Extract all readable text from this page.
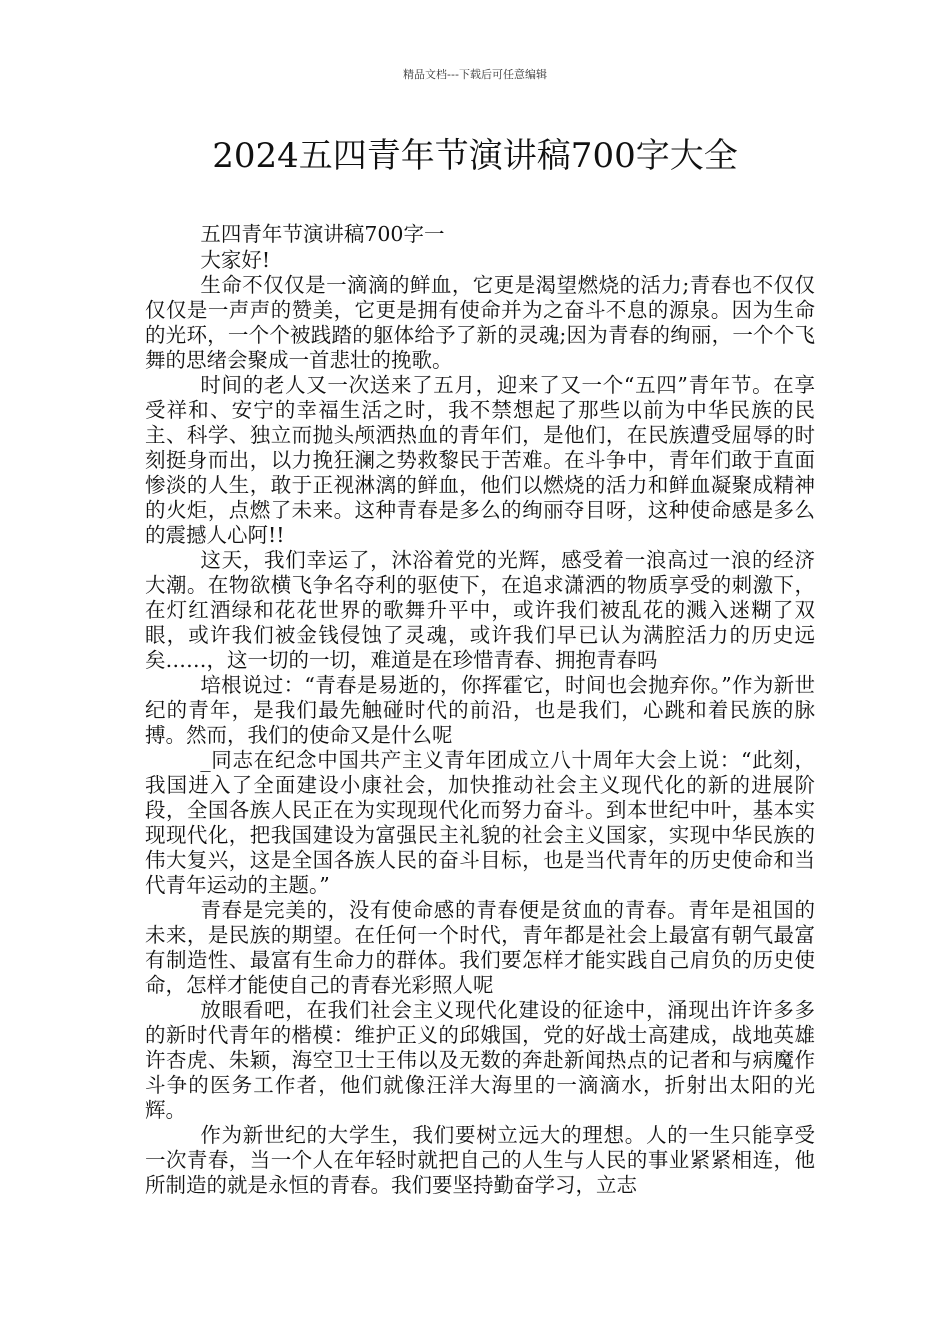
精品文档---下载后可任意编辑
2024五四青年节演讲稿700字大全

五四青年节演讲稿700字一

大家好!

生命不仅仅是一滴滴的鲜血，它更是渴望燃烧的活力;青春也不仅仅仅仅是一声声的赞美，它更是拥有使命并为之奋斗不息的源泉。因为生命的光环，一个个被践踏的躯体给予了新的灵魂;因为青春的绚丽，一个个飞舞的思绪会聚成一首悲壮的挽歌。

时间的老人又一次送来了五月，迎来了又一个“五四”青年节。在享受祥和、安宁的幸福生活之时，我不禁想起了那些以前为中华民族的民主、科学、独立而抛头颅洒热血的青年们，是他们，在民族遭受屈辱的时刻挺身而出，以力挽狂澜之势救黎民于苦难。在斗争中，青年们敢于直面惨淡的人生，敢于正视淋漓的鲜血，他们以燃烧的活力和鲜血凝聚成精神的火炬，点燃了未来。这种青春是多么的绚丽夺目呀，这种使命感是多么的震撼人心阿!!

这天，我们幸运了，沐浴着党的光辉，感受着一浪高过一浪的经济大潮。在物欲横飞争名夺利的驱使下，在追求潇洒的物质享受的刺激下，在灯红酒绿和花花世界的歌舞升平中，或许我们被乱花的溅入迷糊了双眼，或许我们被金钱侵蚀了灵魂，或许我们早已认为满腔活力的历史远矣……，这一切的一切，难道是在珍惜青春、拥抱青春吗

培根说过：“青春是易逝的，你挥霍它，时间也会抛弃你。”作为新世纪的青年，是我们最先触碰时代的前沿，也是我们，心跳和着民族的脉搏。然而，我们的使命又是什么呢

_同志在纪念中国共产主义青年团成立八十周年大会上说：“此刻，我国进入了全面建设小康社会，加快推动社会主义现代化的新的进展阶段，全国各族人民正在为实现现代化而努力奋斗。到本世纪中叶，基本实现现代化，把我国建设为富强民主礼貌的社会主义国家，实现中华民族的伟大复兴，这是全国各族人民的奋斗目标，也是当代青年的历史使命和当代青年运动的主题。”

青春是完美的，没有使命感的青春便是贫血的青春。青年是祖国的未来，是民族的期望。在任何一个时代，青年都是社会上最富有朝气最富有制造性、最富有生命力的群体。我们要怎样才能实践自己肩负的历史使命，怎样才能使自己的青春光彩照人呢

放眼看吧，在我们社会主义现代化建设的征途中，涌现出许许多多的新时代青年的楷模：维护正义的邱娥国，党的好战士高建成，战地英雄许杏虎、朱颖，海空卫士王伟以及无数的奔赴新闻热点的记者和与病魔作斗争的医务工作者，他们就像汪洋大海里的一滴滴水，折射出太阳的光辉。

作为新世纪的大学生，我们要树立远大的理想。人的一生只能享受一次青春，当一个人在年轻时就把自己的人生与人民的事业紧紧相连，他所制造的就是永恒的青春。我们要坚持勤奋学习，立志
